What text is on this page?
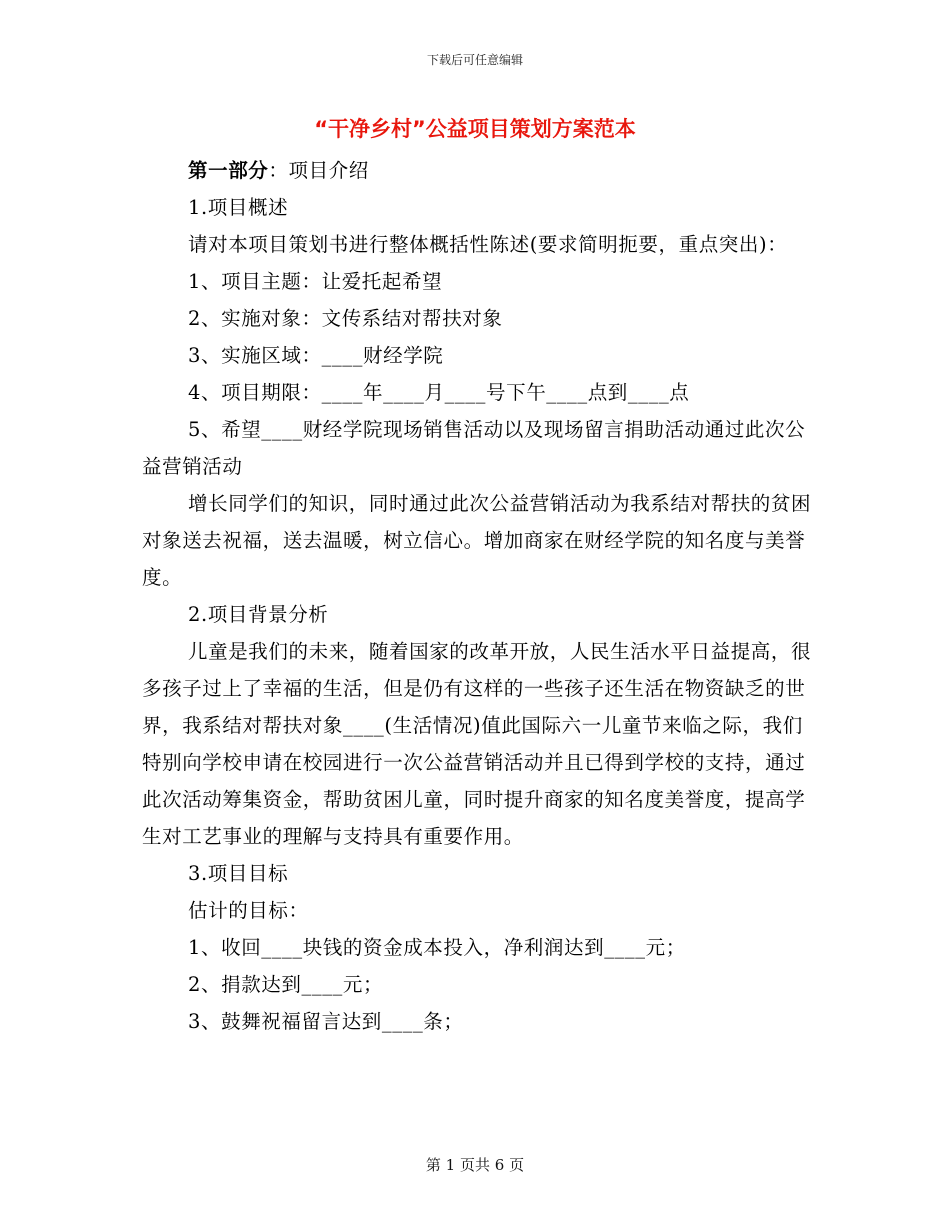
下载后可任意编辑
“干净乡村”公益项目策划方案范本

第一部分：项目介绍

1.项目概述

请对本项目策划书进行整体概括性陈述(要求简明扼要，重点突出)：

1、项目主题：让爱托起希望

2、实施对象：文传系结对帮扶对象

3、实施区域：____财经学院

4、项目期限：____年____月____号下午____点到____点

5、希望____财经学院现场销售活动以及现场留言捐助活动通过此次公益营销活动

增长同学们的知识，同时通过此次公益营销活动为我系结对帮扶的贫困对象送去祝福，送去温暖，树立信心。增加商家在财经学院的知名度与美誉度。

2.项目背景分析

儿童是我们的未来，随着国家的改革开放，人民生活水平日益提高，很多孩子过上了幸福的生活，但是仍有这样的一些孩子还生活在物资缺乏的世界，我系结对帮扶对象____(生活情况)值此国际六一儿童节来临之际，我们特别向学校申请在校园进行一次公益营销活动并且已得到学校的支持，通过此次活动筹集资金，帮助贫困儿童，同时提升商家的知名度美誉度，提高学生对工艺事业的理解与支持具有重要作用。

3.项目目标

估计的目标：

1、收回____块钱的资金成本投入，净利润达到____元；

2、捐款达到____元；

3、鼓舞祝福留言达到____条；

第 1 页共 6 页
